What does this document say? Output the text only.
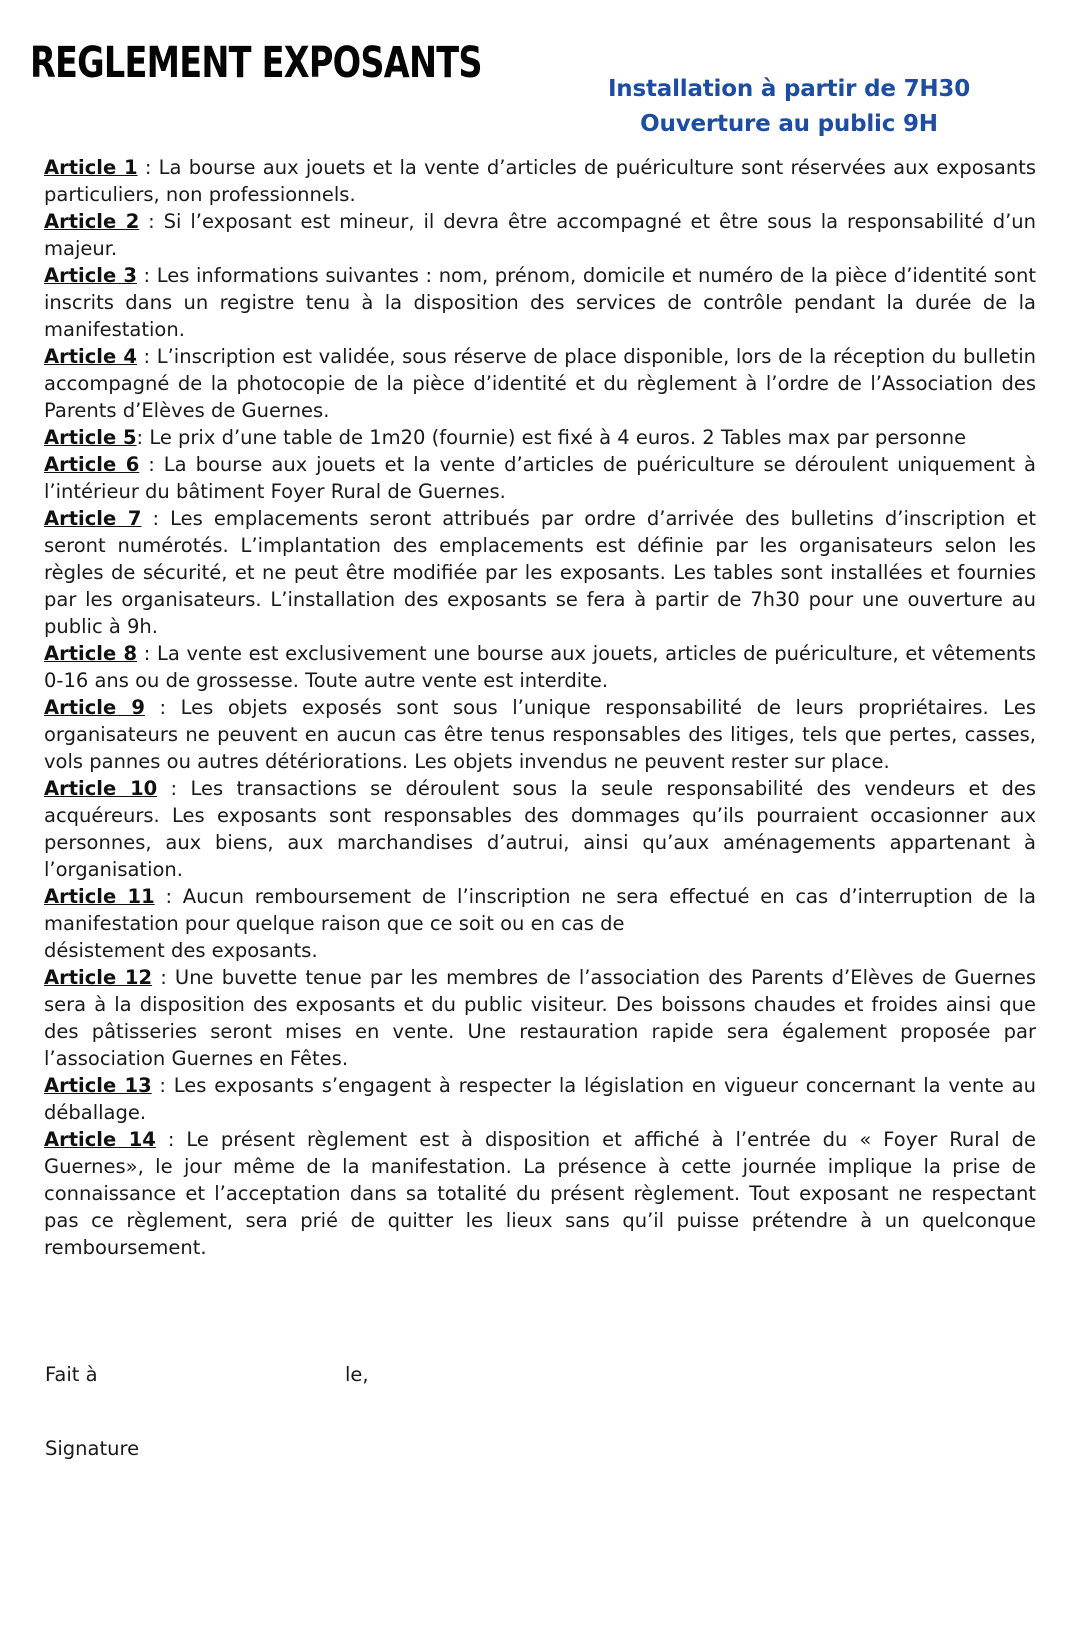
REGLEMENT EXPOSANTS
Installation à partir de 7H30
Ouverture au public 9H

Article 1 : La bourse aux jouets et la vente d’articles de puériculture sont réservées aux exposants particuliers, non professionnels.

Article 2 : Si l’exposant est mineur, il devra être accompagné et être sous la responsabilité d’un majeur.

Article 3 : Les informations suivantes : nom, prénom, domicile et numéro de la pièce d’identité sont inscrits dans un registre tenu à la disposition des services de contrôle pendant la durée de la manifestation.

Article 4 : L’inscription est validée, sous réserve de place disponible, lors de la réception du bulletin accompagné de la photocopie de la pièce d’identité et du règlement à l’ordre de l’Association des Parents d’Elèves de Guernes.

Article 5: Le prix d’une table de 1m20 (fournie) est fixé à 4 euros. 2 Tables max par personne

Article 6 : La bourse aux jouets et la vente d’articles de puériculture se déroulent uniquement à l’intérieur du bâtiment Foyer Rural de Guernes.

Article 7 : Les emplacements seront attribués par ordre d’arrivée des bulletins d’inscription et seront numérotés. L’implantation des emplacements est définie par les organisateurs selon les règles de sécurité, et ne peut être modifiée par les exposants. Les tables sont installées et fournies par les organisateurs. L’installation des exposants se fera à partir de 7h30 pour une ouverture au public à 9h.

Article 8 : La vente est exclusivement une bourse aux jouets, articles de puériculture, et vêtements 0-16 ans ou de grossesse. Toute autre vente est interdite.

Article 9 : Les objets exposés sont sous l’unique responsabilité de leurs propriétaires. Les organisateurs ne peuvent en aucun cas être tenus responsables des litiges, tels que pertes, casses, vols pannes ou autres détériorations. Les objets invendus ne peuvent rester sur place.

Article 10 : Les transactions se déroulent sous la seule responsabilité des vendeurs et des acquéreurs. Les exposants sont responsables des dommages qu’ils pourraient occasionner aux personnes, aux biens, aux marchandises d’autrui, ainsi qu’aux aménagements appartenant à l’organisation.

Article 11 : Aucun remboursement de l’inscription ne sera effectué en cas d’interruption de la manifestation pour quelque raison que ce soit ou en cas de
désistement des exposants.

Article 12 : Une buvette tenue par les membres de l’association des Parents d’Elèves de Guernes sera à la disposition des exposants et du public visiteur. Des boissons chaudes et froides ainsi que des pâtisseries seront mises en vente. Une restauration rapide sera également proposée par l’association Guernes en Fêtes.

Article 13 : Les exposants s’engagent à respecter la législation en vigueur concernant la vente au déballage.

Article 14 : Le présent règlement est à disposition et affiché à l’entrée du « Foyer Rural de Guernes», le jour même de la manifestation. La présence à cette journée implique la prise de connaissance et l’acceptation dans sa totalité du présent règlement. Tout exposant ne respectant pas ce règlement, sera prié de quitter les lieux sans qu’il puisse prétendre à un quelconque remboursement.

Fait à	le,
Signature
